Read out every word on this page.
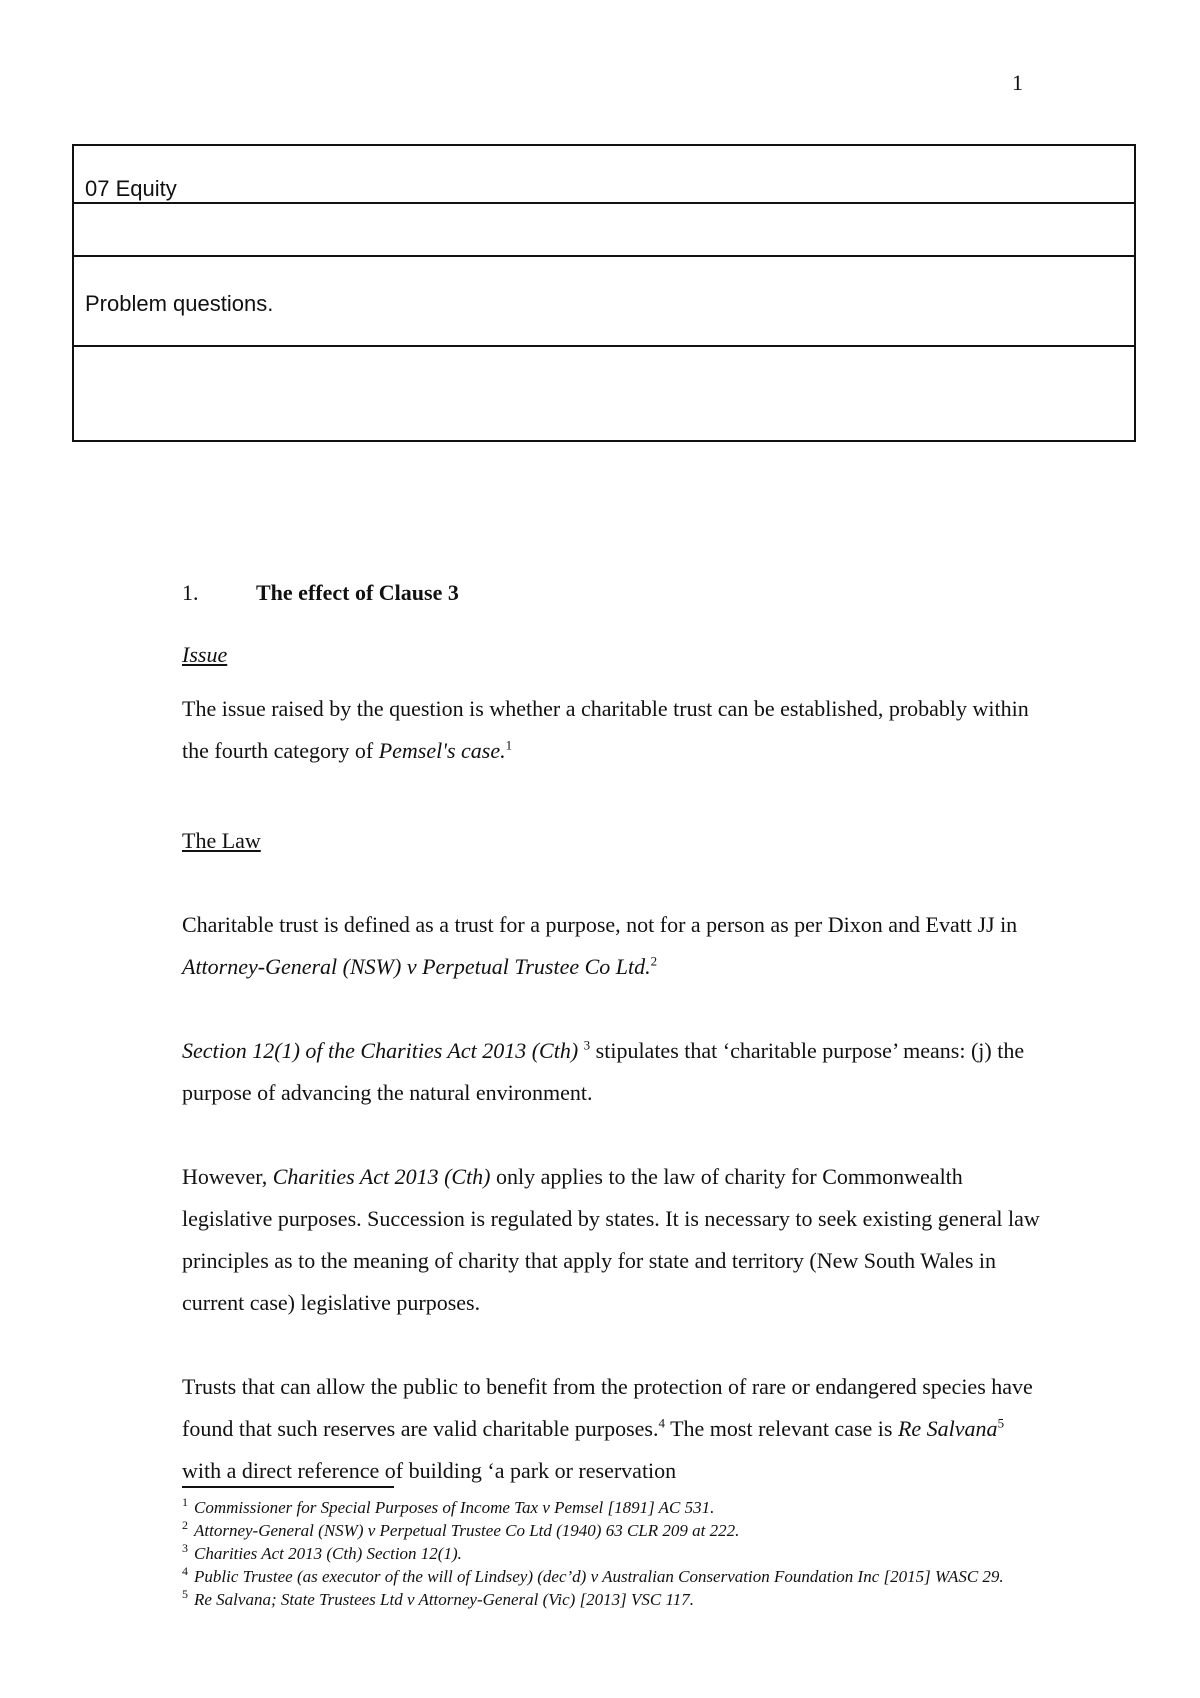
1
07 Equity
Problem questions.
1.	The effect of Clause 3
Issue
The issue raised by the question is whether a charitable trust can be established, probably within the fourth category of Pemsel's case.$^1$
The Law
Charitable trust is defined as a trust for a purpose, not for a person as per Dixon and Evatt JJ in Attorney-General (NSW) v Perpetual Trustee Co Ltd.$^2$
Section 12(1) of the Charities Act 2013 (Cth) $^3$ stipulates that ‘charitable purpose’ means: (j) the purpose of advancing the natural environment.
However, Charities Act 2013 (Cth) only applies to the law of charity for Commonwealth legislative purposes. Succession is regulated by states. It is necessary to seek existing general law principles as to the meaning of charity that apply for state and territory (New South Wales in current case) legislative purposes.
Trusts that can allow the public to benefit from the protection of rare or endangered species have found that such reserves are valid charitable purposes.$^4$ The most relevant case is Re Salvana$^5$ with a direct reference of building ‘a park or reservation
$^1$ Commissioner for Special Purposes of Income Tax v Pemsel [1891] AC 531.
$^2$ Attorney-General (NSW) v Perpetual Trustee Co Ltd (1940) 63 CLR 209 at 222.
$^3$ Charities Act 2013 (Cth) Section 12(1).
$^4$ Public Trustee (as executor of the will of Lindsey) (dec’d) v Australian Conservation Foundation Inc [2015] WASC 29.
$^5$ Re Salvana; State Trustees Ltd v Attorney-General (Vic) [2013] VSC 117.
